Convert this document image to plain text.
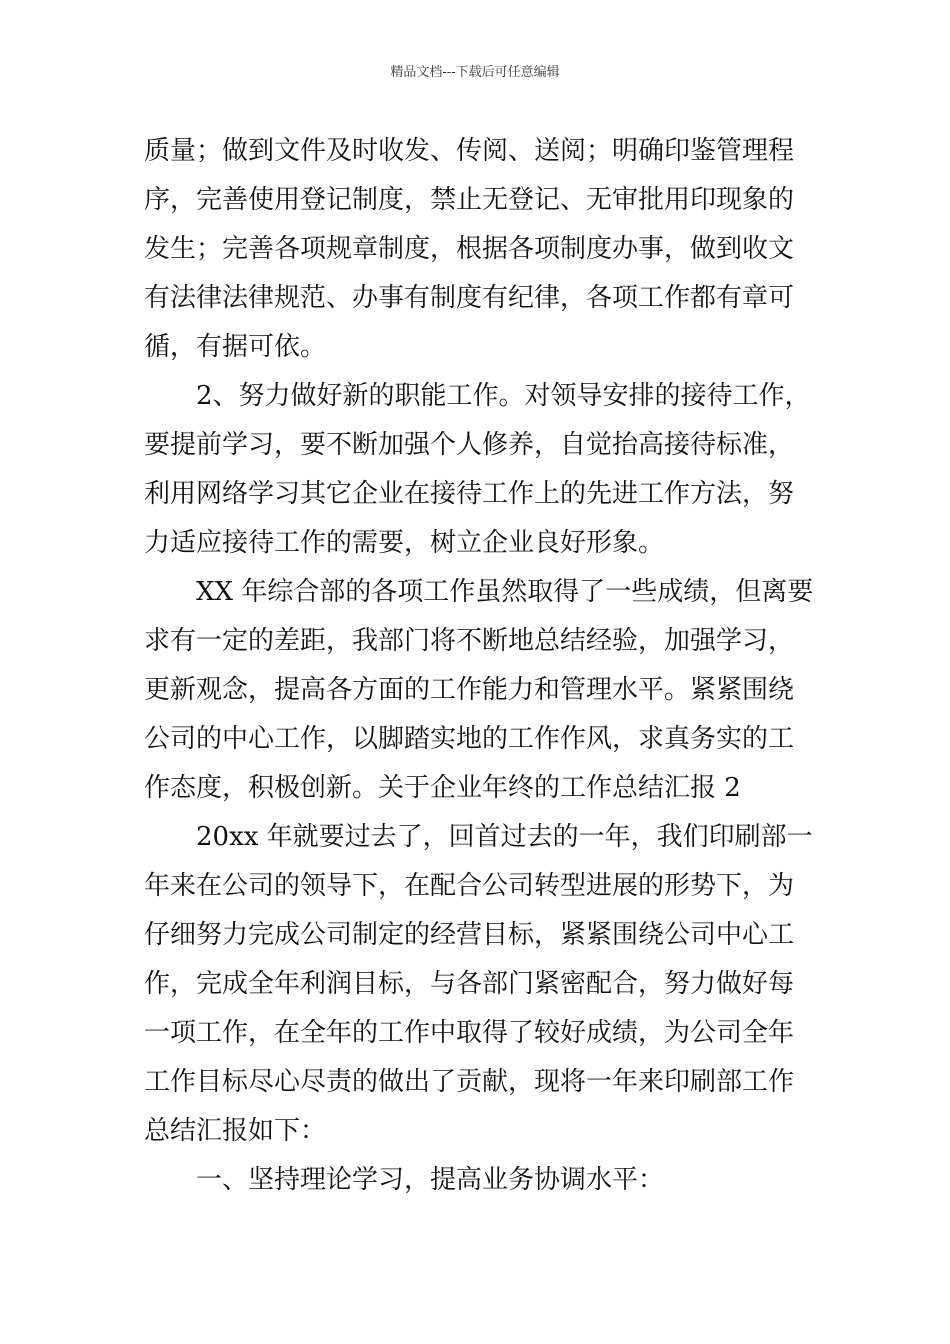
精品文档---下载后可任意编辑
质量；做到文件及时收发、传阅、送阅；明确印鉴管理程
序，完善使用登记制度，禁止无登记、无审批用印现象的
发生；完善各项规章制度，根据各项制度办事，做到收文
有法律法律规范、办事有制度有纪律，各项工作都有章可
循，有据可依。
2、努力做好新的职能工作。对领导安排的接待工作，
要提前学习，要不断加强个人修养，自觉抬高接待标准，
利用网络学习其它企业在接待工作上的先进工作方法，努
力适应接待工作的需要，树立企业良好形象。
XX 年综合部的各项工作虽然取得了一些成绩，但离要
求有一定的差距，我部门将不断地总结经验，加强学习，
更新观念，提高各方面的工作能力和管理水平。紧紧围绕
公司的中心工作，以脚踏实地的工作作风，求真务实的工
作态度，积极创新。关于企业年终的工作总结汇报 2
20xx 年就要过去了，回首过去的一年，我们印刷部一
年来在公司的领导下，在配合公司转型进展的形势下，为
仔细努力完成公司制定的经营目标，紧紧围绕公司中心工
作，完成全年利润目标，与各部门紧密配合，努力做好每
一项工作，在全年的工作中取得了较好成绩，为公司全年
工作目标尽心尽责的做出了贡献，现将一年来印刷部工作
总结汇报如下：
一、坚持理论学习，提高业务协调水平：
